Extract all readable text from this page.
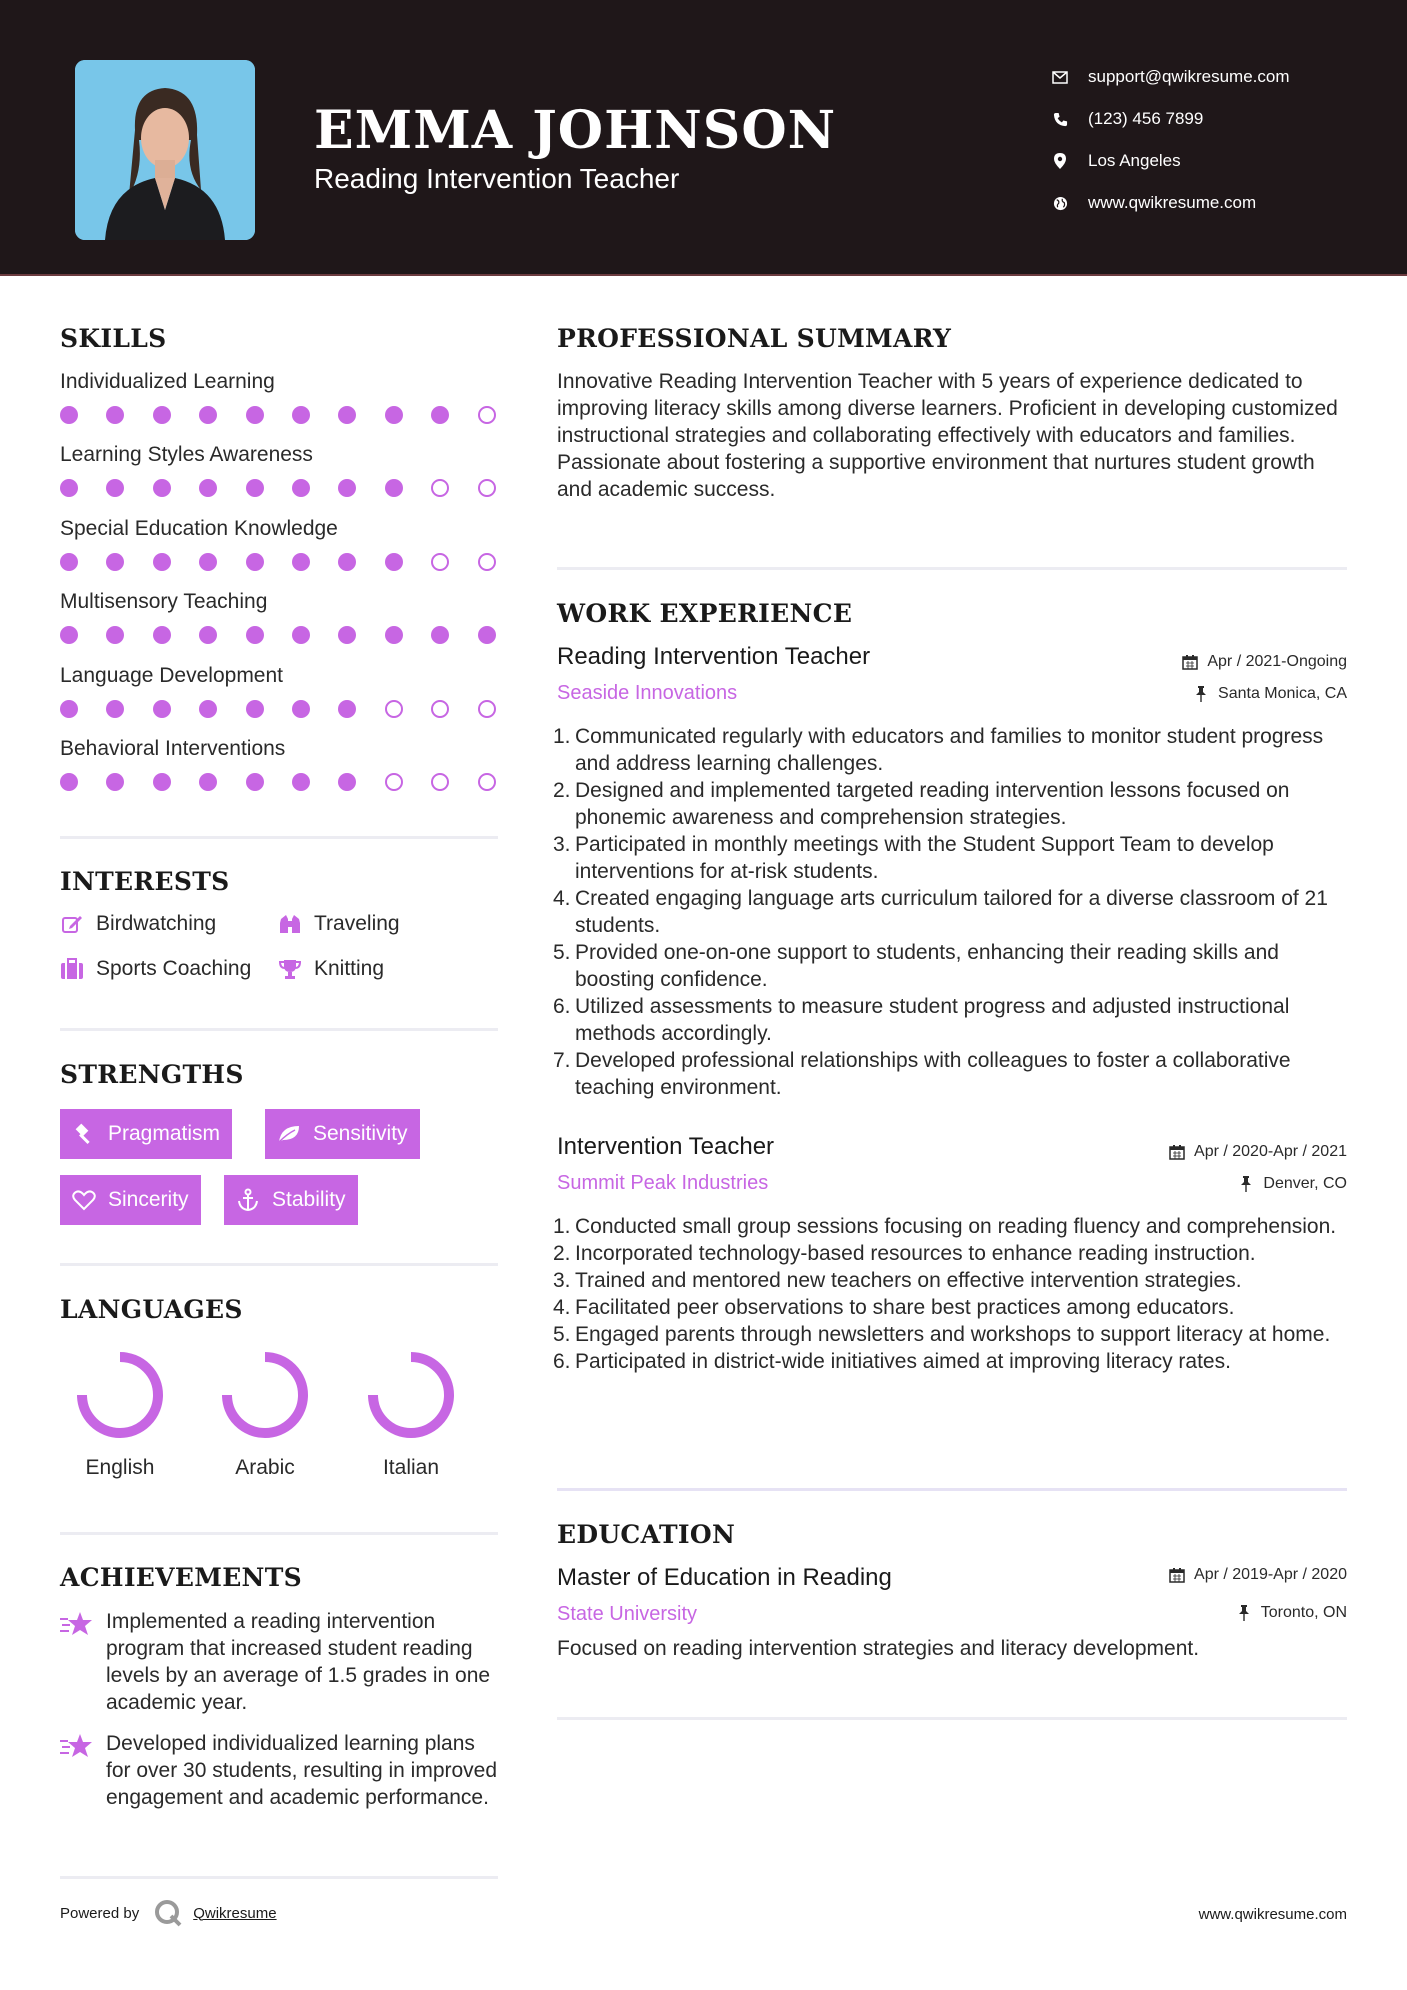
EMMA JOHNSON
Reading Intervention Teacher
support@qwikresume.com
(123) 456 7899
Los Angeles
www.qwikresume.com
SKILLS
Individualized Learning
Learning Styles Awareness
Special Education Knowledge
Multisensory Teaching
Language Development
Behavioral Interventions
INTERESTS
Birdwatching	Traveling
Sports Coaching	Knitting
STRENGTHS
Pragmatism	Sensitivity
Sincerity	Stability
LANGUAGES
English	Arabic	Italian
ACHIEVEMENTS
Implemented a reading intervention program that increased student reading levels by an average of 1.5 grades in one academic year.
Developed individualized learning plans for over 30 students, resulting in improved engagement and academic performance.
Powered by	Qwikresume	www.qwikresume.com
PROFESSIONAL SUMMARY
Innovative Reading Intervention Teacher with 5 years of experience dedicated to improving literacy skills among diverse learners. Proficient in developing customized instructional strategies and collaborating effectively with educators and families. Passionate about fostering a supportive environment that nurtures student growth and academic success.
WORK EXPERIENCE
Reading Intervention Teacher	Apr / 2021-Ongoing
Seaside Innovations	Santa Monica, CA
1. Communicated regularly with educators and families to monitor student progress and address learning challenges.
2. Designed and implemented targeted reading intervention lessons focused on phonemic awareness and comprehension strategies.
3. Participated in monthly meetings with the Student Support Team to develop interventions for at-risk students.
4. Created engaging language arts curriculum tailored for a diverse classroom of 21 students.
5. Provided one-on-one support to students, enhancing their reading skills and boosting confidence.
6. Utilized assessments to measure student progress and adjusted instructional methods accordingly.
7. Developed professional relationships with colleagues to foster a collaborative teaching environment.
Intervention Teacher	Apr / 2020-Apr / 2021
Summit Peak Industries	Denver, CO
1. Conducted small group sessions focusing on reading fluency and comprehension.
2. Incorporated technology-based resources to enhance reading instruction.
3. Trained and mentored new teachers on effective intervention strategies.
4. Facilitated peer observations to share best practices among educators.
5. Engaged parents through newsletters and workshops to support literacy at home.
6. Participated in district-wide initiatives aimed at improving literacy rates.
EDUCATION
Master of Education in Reading	Apr / 2019-Apr / 2020
State University	Toronto, ON
Focused on reading intervention strategies and literacy development.
